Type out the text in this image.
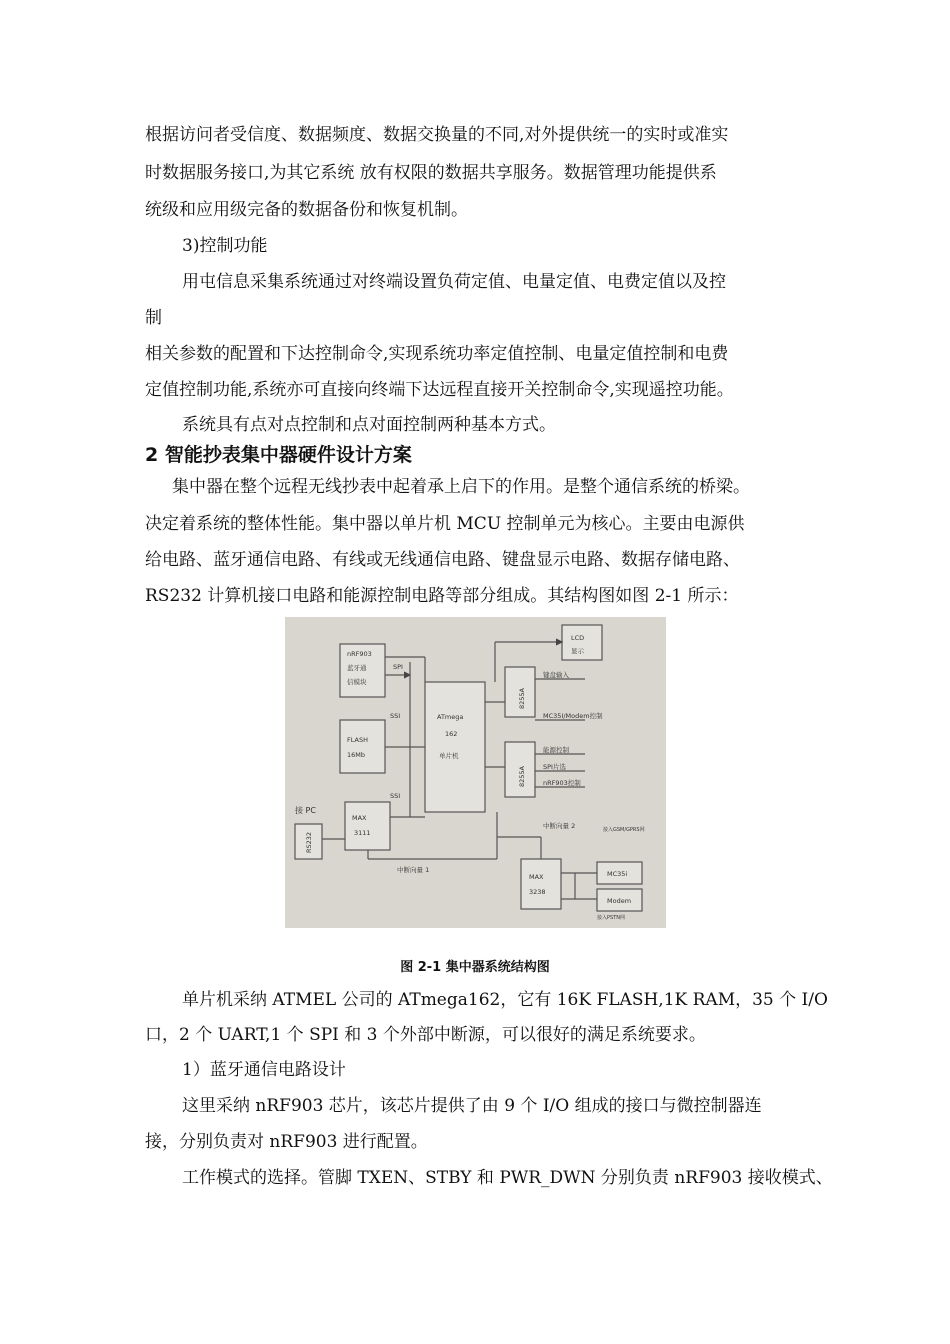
根据访问者受信度、数据频度、数据交换量的不同,对外提供统一的实时或准实
时数据服务接口,为其它系统 放有权限的数据共享服务。数据管理功能提供系
统级和应用级完备的数据备份和恢复机制。
3)控制功能
用屯信息采集系统通过对终端设置负荷定值、电量定值、电费定值以及控
制
相关参数的配置和下达控制命令,实现系统功率定值控制、电量定值控制和电费
定值控制功能,系统亦可直接向终端下达远程直接开关控制命令,实现遥控功能。
系统具有点对点控制和点对面控制两种基本方式。
2 智能抄表集中器硬件设计方案
集中器在整个远程无线抄表中起着承上启下的作用。是整个通信系统的桥梁。
决定着系统的整体性能。集中器以单片机 MCU 控制单元为核心。主要由电源供
给电路、蓝牙通信电路、有线或无线通信电路、键盘显示电路、数据存储电路、
RS232 计算机接口电路和能源控制电路等部分组成。其结构图如图 2-1 所示：
nRF903
蓝牙通
信模块
SPI
SSI
SSI
FLASH
16Mb
MAX
3111
接 PC
RS232
ATmega
162
单片机
8255A
8255A
LCD
显示
键盘输入
MC35I/Modem控制
能源控制
SPI片选
nRF903控制
中断向量 1
中断向量 2	接入GSM/GPRS网
MAX
3238
MC35i
Modem
接入PSTN网
图 2-1 集中器系统结构图
单片机采纳 ATMEL 公司的 ATmega162，它有 16K FLASH,1K RAM，35 个 I/O
口，2 个 UART,1 个 SPI 和 3 个外部中断源，可以很好的满足系统要求。
1）蓝牙通信电路设计
这里采纳 nRF903 芯片，该芯片提供了由 9 个 I/O 组成的接口与微控制器连
接，分别负责对 nRF903 进行配置。
工作模式的选择。管脚 TXEN、STBY 和 PWR_DWN 分别负责 nRF903 接收模式、
